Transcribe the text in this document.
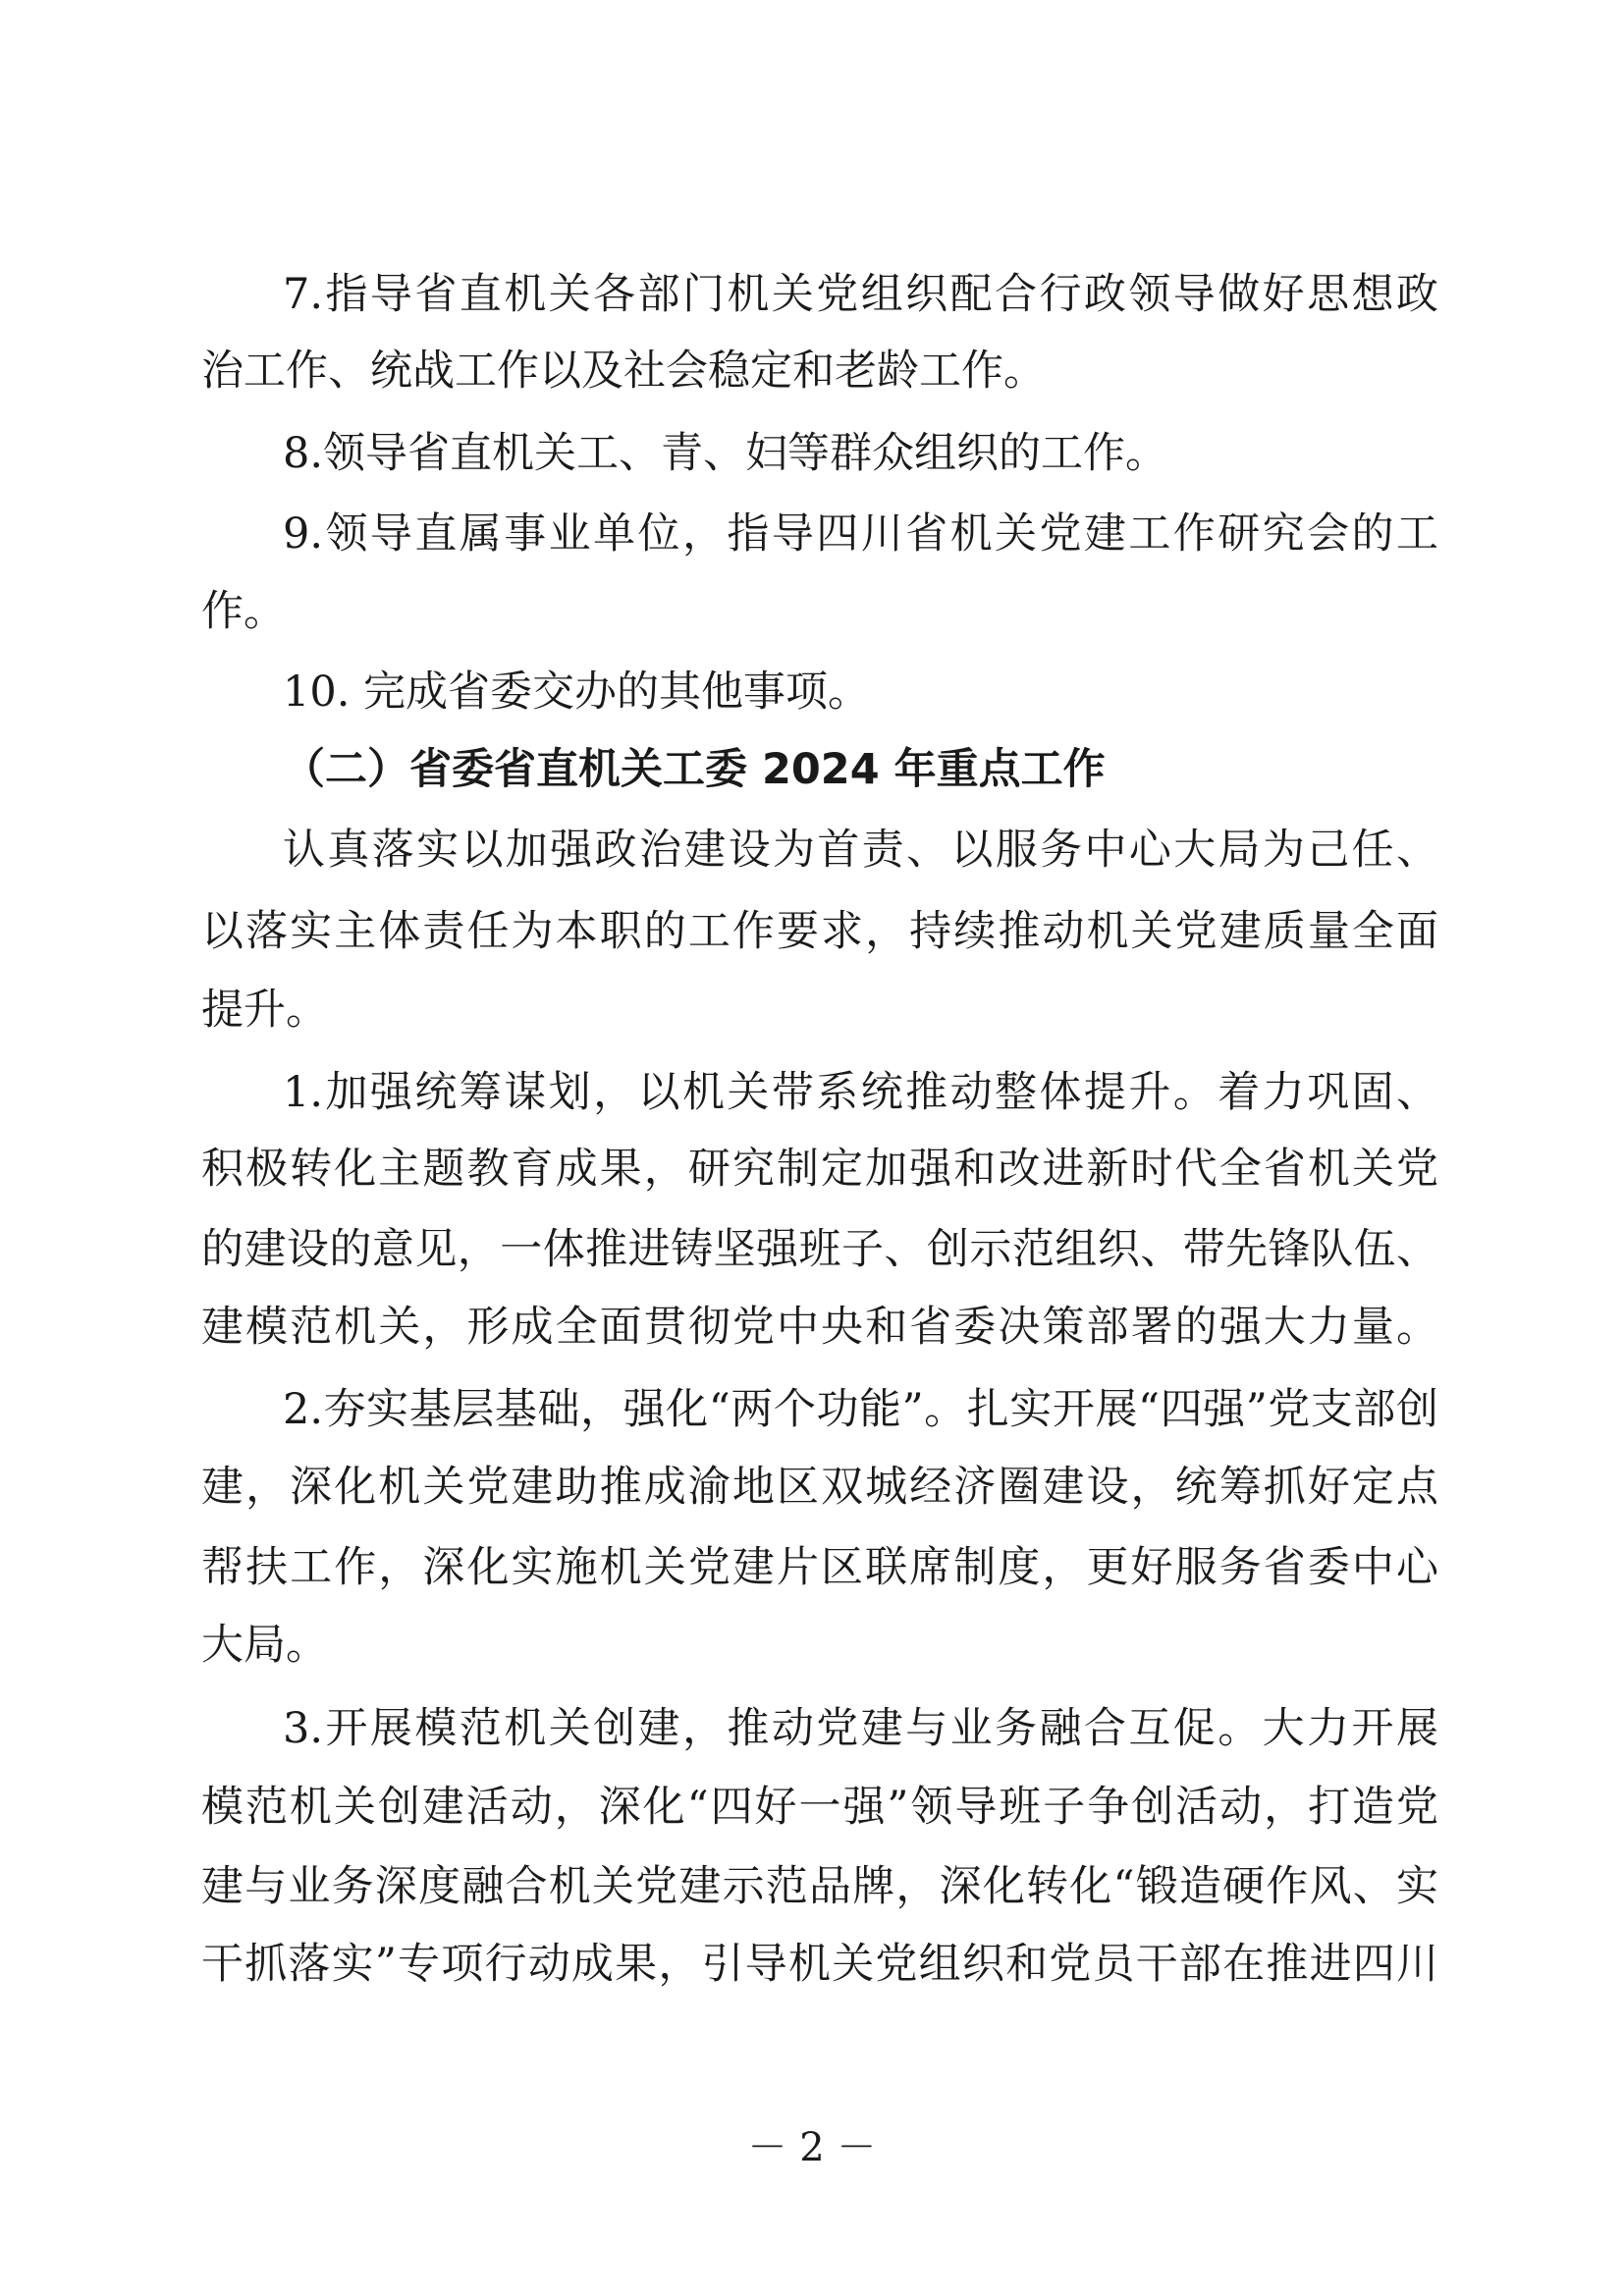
7.指导省直机关各部门机关党组织配合行政领导做好思想政
治工作、统战工作以及社会稳定和老龄工作。
8.领导省直机关工、青、妇等群众组织的工作。
9.领导直属事业单位，指导四川省机关党建工作研究会的工
作。
10. 完成省委交办的其他事项。
（二）省委省直机关工委 2024 年重点工作
认真落实以加强政治建设为首责、以服务中心大局为己任、
以落实主体责任为本职的工作要求，持续推动机关党建质量全面
提升。
1.加强统筹谋划，以机关带系统推动整体提升。着力巩固、
积极转化主题教育成果，研究制定加强和改进新时代全省机关党
的建设的意见，一体推进铸坚强班子、创示范组织、带先锋队伍、
建模范机关，形成全面贯彻党中央和省委决策部署的强大力量。
2.夯实基层基础，强化“两个功能”。扎实开展“四强”党支部创
建，深化机关党建助推成渝地区双城经济圈建设，统筹抓好定点
帮扶工作，深化实施机关党建片区联席制度，更好服务省委中心
大局。
3.开展模范机关创建，推动党建与业务融合互促。大力开展
模范机关创建活动，深化“四好一强”领导班子争创活动，打造党
建与业务深度融合机关党建示范品牌，深化转化“锻造硬作风、实
干抓落实”专项行动成果，引导机关党组织和党员干部在推进四川
－ 2 －
